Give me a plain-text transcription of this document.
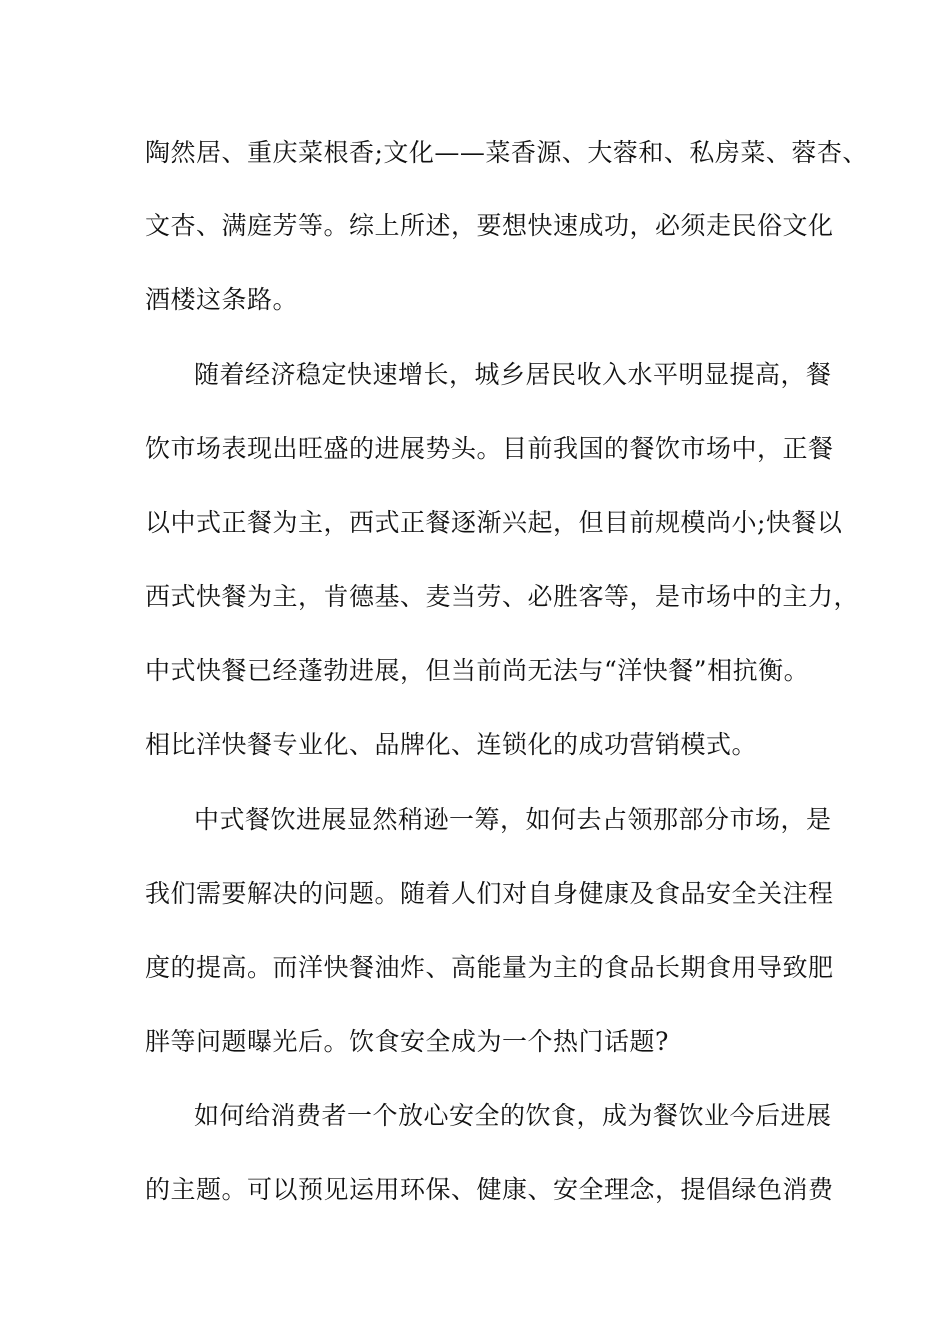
陶然居、重庆菜根香;文化——菜香源、大蓉和、私房菜、蓉杏、
文杏、满庭芳等。综上所述，要想快速成功，必须走民俗文化
酒楼这条路。
随着经济稳定快速增长，城乡居民收入水平明显提高，餐
饮市场表现出旺盛的进展势头。目前我国的餐饮市场中，正餐
以中式正餐为主，西式正餐逐渐兴起，但目前规模尚小;快餐以
西式快餐为主，肯德基、麦当劳、必胜客等，是市场中的主力，
中式快餐已经蓬勃进展，但当前尚无法与“洋快餐”相抗衡。
相比洋快餐专业化、品牌化、连锁化的成功营销模式。
中式餐饮进展显然稍逊一筹，如何去占领那部分市场，是
我们需要解决的问题。随着人们对自身健康及食品安全关注程
度的提高。而洋快餐油炸、高能量为主的食品长期食用导致肥
胖等问题曝光后。饮食安全成为一个热门话题?
如何给消费者一个放心安全的饮食，成为餐饮业今后进展
的主题。可以预见运用环保、健康、安全理念，提倡绿色消费
